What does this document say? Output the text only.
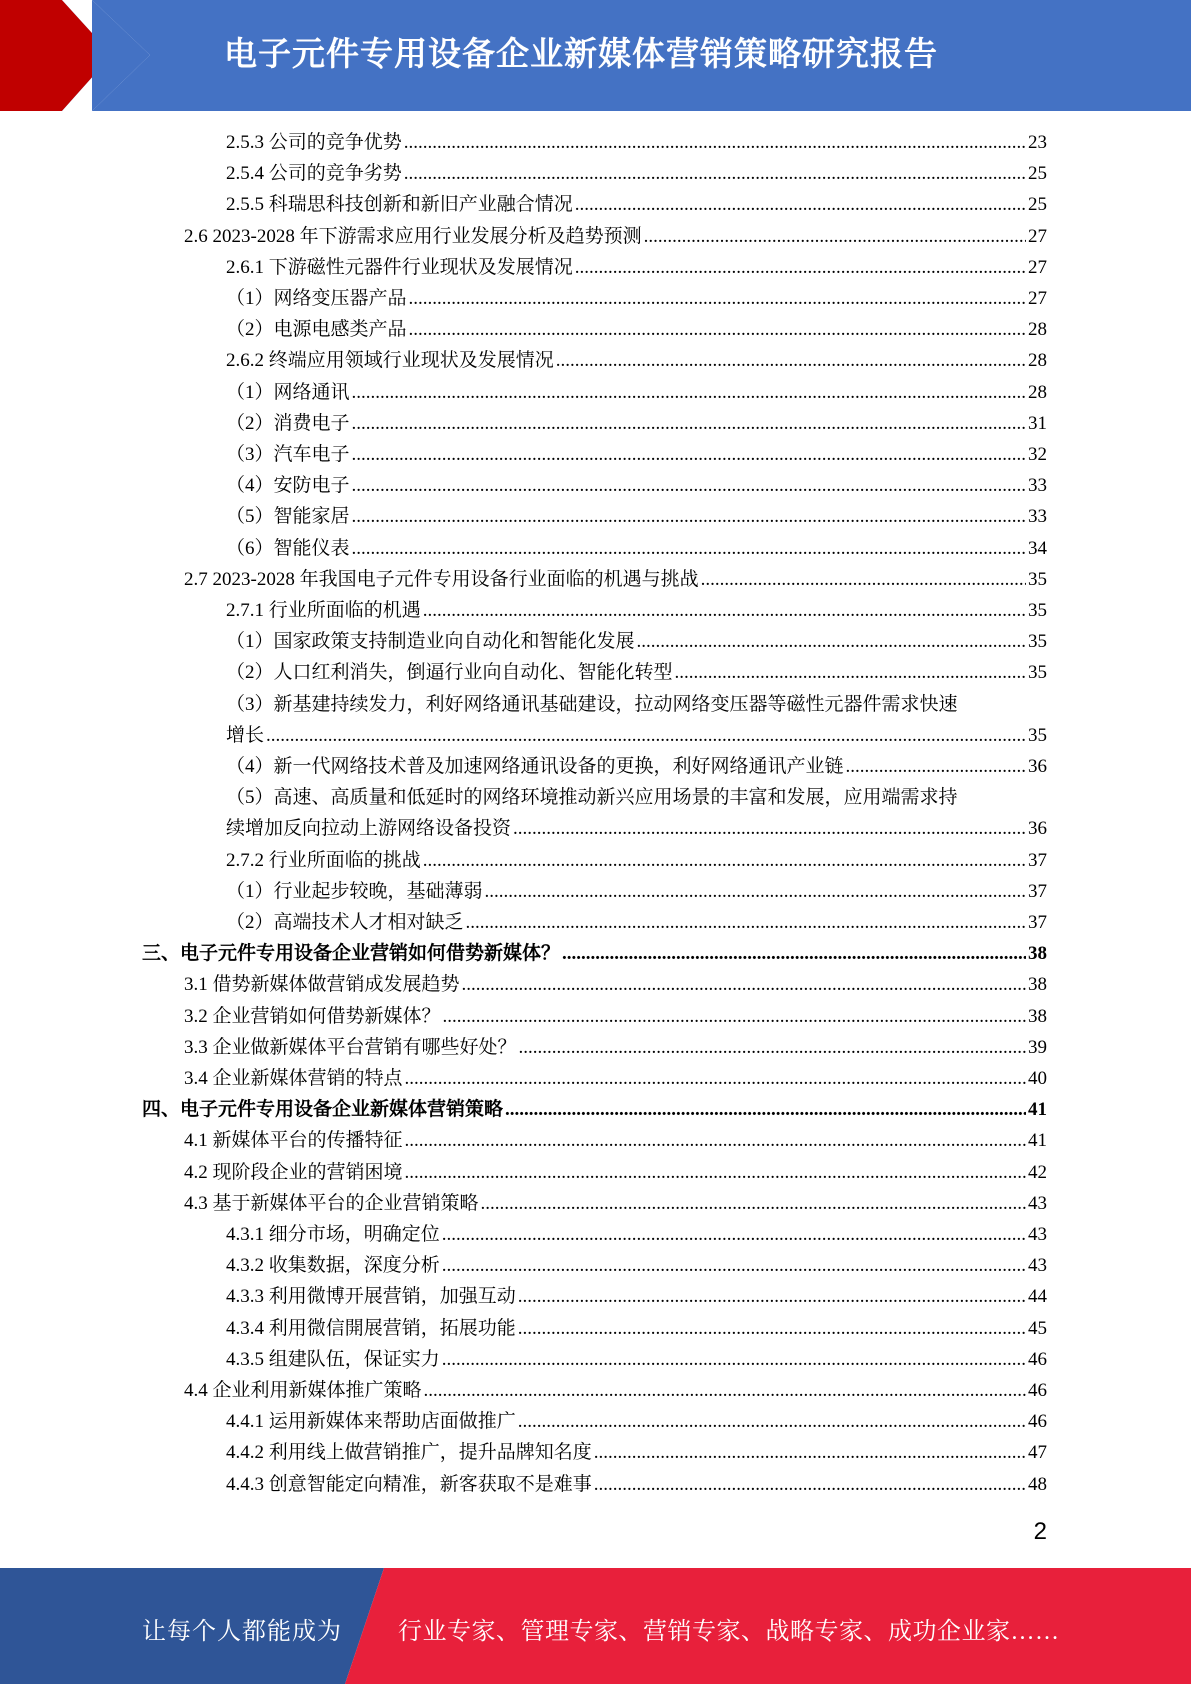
电子元件专用设备企业新媒体营销策略研究报告
2.5.3 公司的竞争优势 .....	23
2.5.4 公司的竞争劣势 .....	25
2.5.5 科瑞思科技创新和新旧产业融合情况 .....	25
2.6 2023-2028 年下游需求应用行业发展分析及趋势预测 .....	27
2.6.1 下游磁性元器件行业现状及发展情况 .....	27
（1）网络变压器产品 .....	27
（2）电源电感类产品 .....	28
2.6.2 终端应用领域行业现状及发展情况 .....	28
（1）网络通讯 .....	28
（2）消费电子 .....	31
（3）汽车电子 .....	32
（4）安防电子 .....	33
（5）智能家居 .....	33
（6）智能仪表 .....	34
2.7 2023-2028 年我国电子元件专用设备行业面临的机遇与挑战 .....	35
2.7.1 行业所面临的机遇 .....	35
（1）国家政策支持制造业向自动化和智能化发展 .....	35
（2）人口红利消失，倒逼行业向自动化、智能化转型 .....	35
（3）新基建持续发力，利好网络通讯基础建设，拉动网络变压器等磁性元器件需求快速
增长 .....	35
（4）新一代网络技术普及加速网络通讯设备的更换，利好网络通讯产业链 .....	36
（5）高速、高质量和低延时的网络环境推动新兴应用场景的丰富和发展，应用端需求持
续增加反向拉动上游网络设备投资 .....	36
2.7.2 行业所面临的挑战 .....	37
（1）行业起步较晚，基础薄弱 .....	37
（2）高端技术人才相对缺乏 .....	37
三、电子元件专用设备企业营销如何借势新媒体？ .....	38
3.1 借势新媒体做营销成发展趋势 .....	38
3.2 企业营销如何借势新媒体？ .....	38
3.3 企业做新媒体平台营销有哪些好处？ .....	39
3.4 企业新媒体营销的特点 .....	40
四、电子元件专用设备企业新媒体营销策略 .....	41
4.1 新媒体平台的传播特征 .....	41
4.2 现阶段企业的营销困境 .....	42
4.3 基于新媒体平台的企业营销策略 .....	43
4.3.1 细分市场，明确定位 .....	43
4.3.2 收集数据，深度分析 .....	43
4.3.3 利用微博开展营销，加强互动 .....	44
4.3.4 利用微信開展营销，拓展功能 .....	45
4.3.5 组建队伍，保证实力 .....	46
4.4 企业利用新媒体推广策略 .....	46
4.4.1 运用新媒体来帮助店面做推广 .....	46
4.4.2 利用线上做营销推广，提升品牌知名度 .....	47
4.4.3 创意智能定向精准，新客获取不是难事 .....	48
2
让每个人都能成为 行业专家、管理专家、营销专家、战略专家、成功企业家……
